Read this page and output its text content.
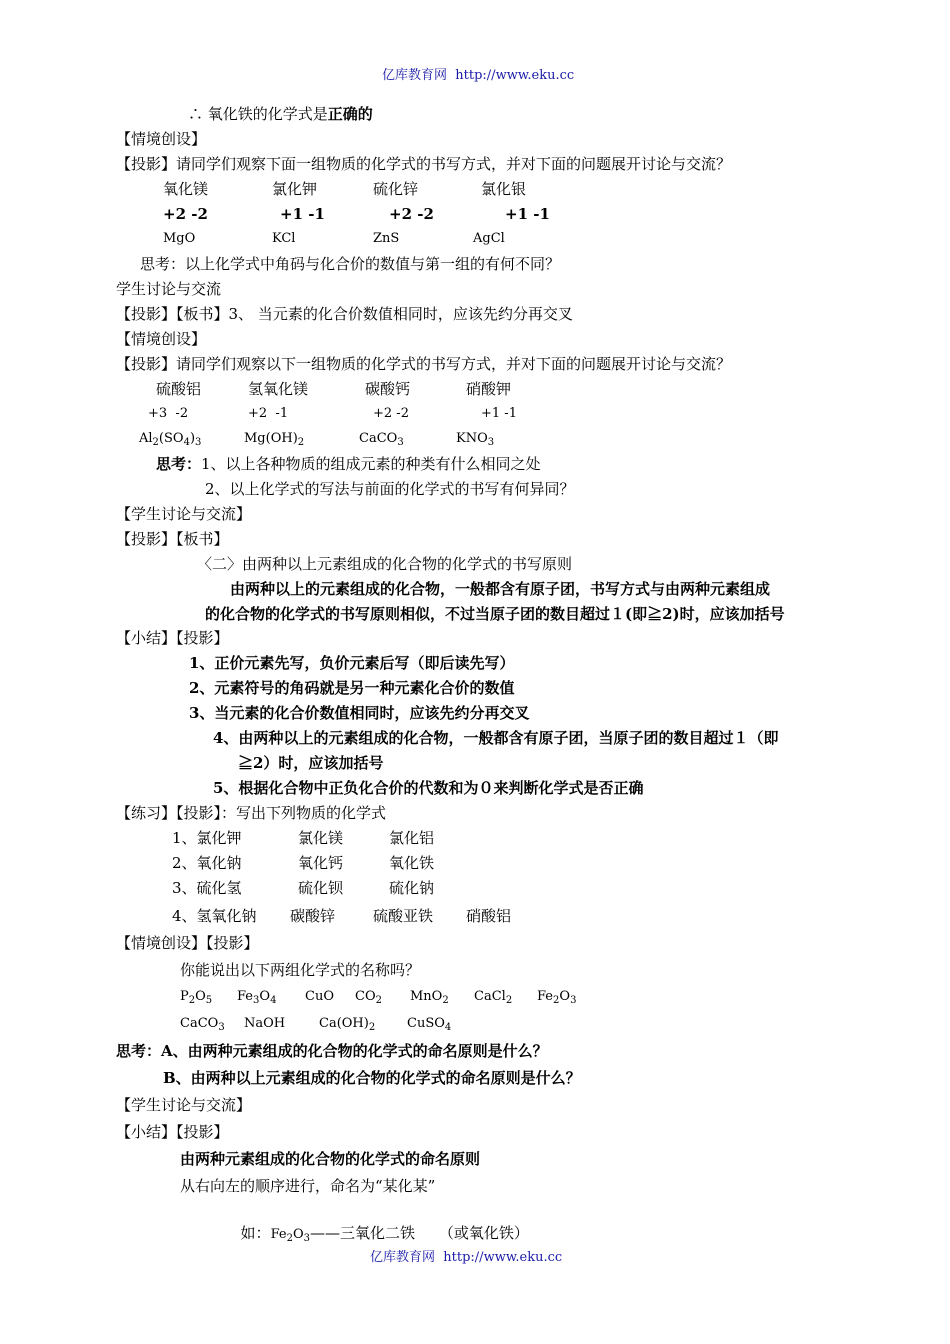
亿库教育网 http://www.eku.cc
∴ 氧化铁的化学式是正确的
【情境创设】
【投影】请同学们观察下面一组物质的化学式的书写方式，并对下面的问题展开讨论与交流？
氧化镁	氯化钾	硫化锌	氯化银
+2 -2	+1 -1	+2 -2	+1 -1
MgO	KCl	ZnS	AgCl
思考：以上化学式中角码与化合价的数值与第一组的有何不同？
学生讨论与交流
【投影】【板书】3、 当元素的化合价数值相同时，应该先约分再交叉
【情境创设】
【投影】请同学们观察以下一组物质的化学式的书写方式，并对下面的问题展开讨论与交流？
硫酸铝	氢氧化镁	碳酸钙	硝酸钾
+3  -2	+2  -1	+2 -2	+1 -1
$Al_2(SO_4)_3$	$Mg(OH)_2$	CaCO$_3$	$KNO_3$
思考：1、以上各种物质的组成元素的种类有什么相同之处
2、以上化学式的写法与前面的化学式的书写有何异同？
【学生讨论与交流】
【投影】【板书】
〈二〉由两种以上元素组成的化合物的化学式的书写原则
由两种以上的元素组成的化合物，一般都含有原子团，书写方式与由两种元素组成
的化合物的化学式的书写原则相似，不过当原子团的数目超过１(即≧2)时，应该加括号
【小结】【投影】
1、正价元素先写，负价元素后写（即后读先写）
2、元素符号的角码就是另一种元素化合价的数值
3、当元素的化合价数值相同时，应该先约分再交叉
4、由两种以上的元素组成的化合物，一般都含有原子团，当原子团的数目超过１（即
≧2）时，应该加括号
5、根据化合物中正负化合价的代数和为０来判断化学式是否正确
【练习】【投影】：写出下列物质的化学式
1、氯化钾	氯化镁	氯化铝
2、氧化钠	氧化钙	氧化铁
3、硫化氢	硫化钡	硫化钠
4、氢氧化钠 碳酸锌	硫酸亚铁 硝酸铝
【情境创设】【投影】
你能说出以下两组化学式的名称吗？
$P_2O_5$ $Fe_3O_4$ CuO $CO_2$ MnO$_2$ CaCl$_2$ $Fe_2O_3$
CaCO$_3$ NaOH	$Ca(OH)_2$ CuSO$_4$
思考：A、由两种元素组成的化合物的化学式的命名原则是什么？
B、由两种以上元素组成的化合物的化学式的命名原则是什么？
【学生讨论与交流】
【小结】【投影】
由两种元素组成的化合物的化学式的命名原则
从右向左的顺序进行，命名为“某化某”

如：$Fe_2O_3——$三氧化二铁     （或氧化铁）

亿库教育网 http://www.eku.cc
